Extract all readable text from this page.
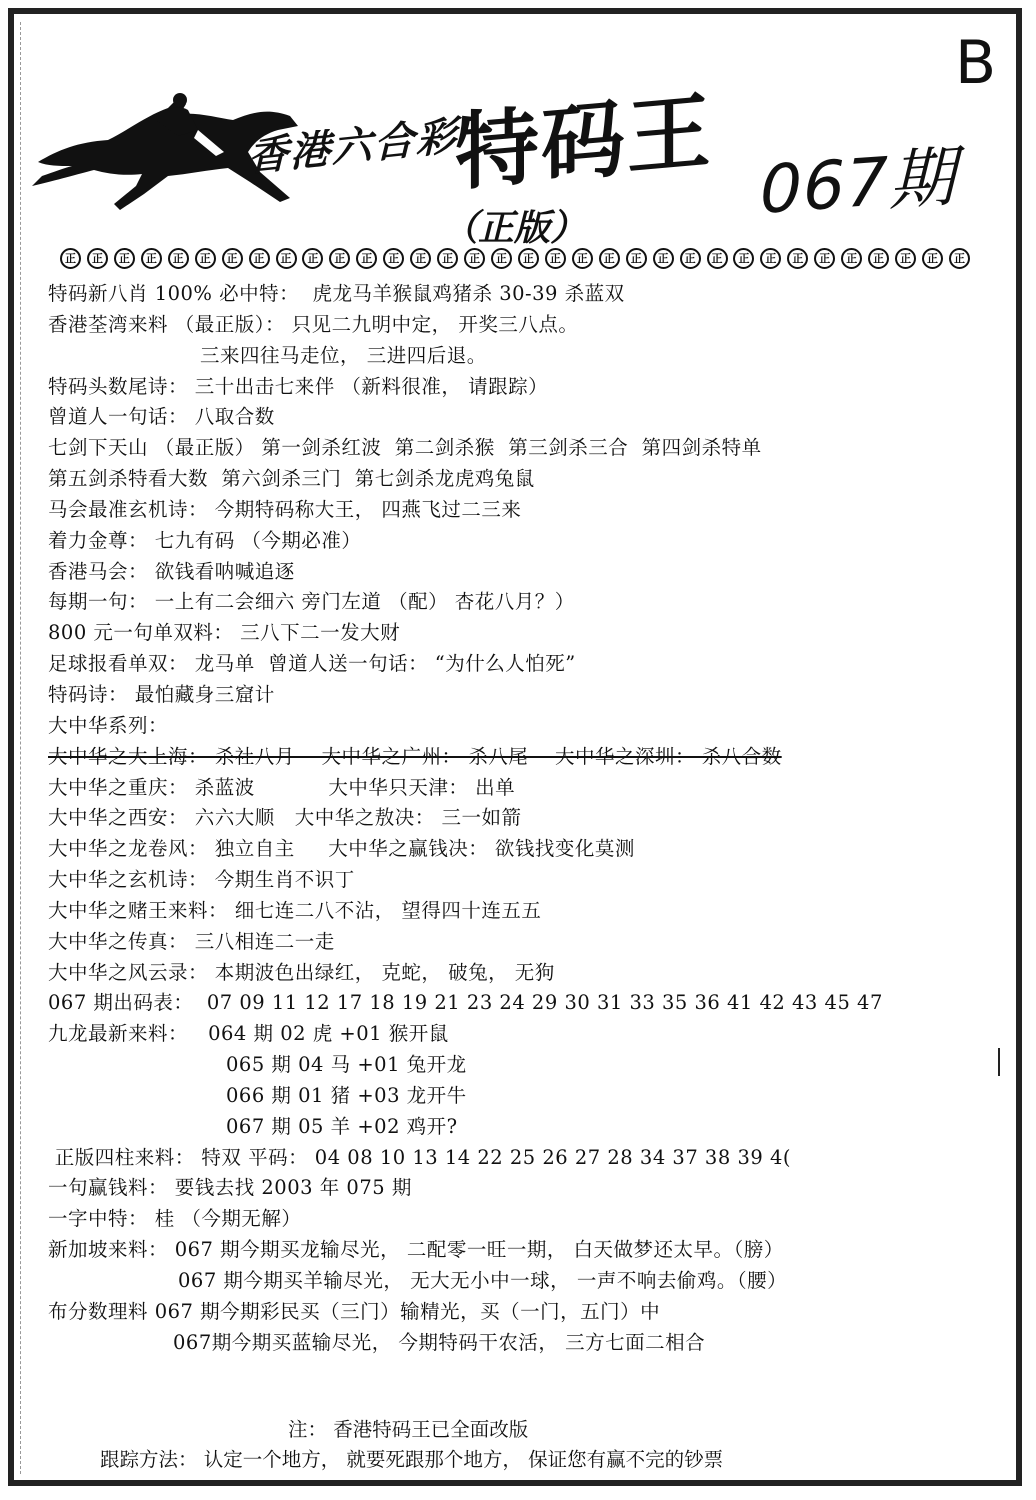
香港六合彩
特码王
B
067期
（正版）
正	正	正	正	正	正	正	正	正	正	正	正	正	正	正	正	正	正	正	正	正	正	正	正	正	正	正	正	正	正	正	正	正	正
特码新八肖 100% 必中特：  虎龙马羊猴鼠鸡猪杀 30-39 杀蓝双
香港荃湾来料 （最正版）： 只见二九明中定， 开奖三八点。
三来四往马走位， 三进四后退。
特码头数尾诗： 三十出击七来伴 （新料很准， 请跟踪）
曾道人一句话： 八取合数
七剑下天山 （最正版） 第一剑杀红波  第二剑杀猴  第三剑杀三合  第四剑杀特单
第五剑杀特看大数  第六剑杀三门  第七剑杀龙虎鸡兔鼠
马会最准玄机诗： 今期特码称大王， 四燕飞过二三来
着力金尊： 七九有码 （今期必准）
香港马会： 欲钱看呐喊追逐
每期一句： 一上有二会细六 旁门左道 （配） 杏花八月？）
800 元一句单双料： 三八下二一发大财
足球报看单双： 龙马单  曾道人送一句话： “为什么人怕死”
特码诗： 最怕藏身三窟计
大中华系列：
大中华之大上海： 杀社八月    大中华之广州： 杀八尾    大中华之深圳： 杀八合数
大中华之重庆： 杀蓝波           大中华只天津： 出单
大中华之西安： 六六大顺   大中华之敖决： 三一如箭
大中华之龙卷风： 独立自主     大中华之赢钱决： 欲钱找变化莫测
大中华之玄机诗： 今期生肖不识丁
大中华之赌王来料： 细七连二八不沾， 望得四十连五五
大中华之传真： 三八相连二一走
大中华之风云录： 本期波色出绿红， 克蛇， 破兔， 无狗
067 期出码表：  07 09 11 12 17 18 19 21 23 24 29 30 31 33 35 36 41 42 43 45 47
九龙最新来料：   064 期 02 虎 +01 猴开鼠
065 期 04 马 +01 兔开龙
066 期 01 猪 +03 龙开牛
067 期 05 羊 +02 鸡开?
正版四柱来料： 特双 平码： 04 08 10 13 14 22 25 26 27 28 34 37 38 39 4(
一句赢钱料： 要钱去找 2003 年 075 期
一字中特： 桂 （今期无解）
新加坡来料： 067 期今期买龙输尽光， 二配零一旺一期， 白天做梦还太早。（膀）
067 期今期买羊输尽光， 无大无小中一球， 一声不响去偷鸡。（腰）
布分数理料 067 期今期彩民买（三门）输精光，买（一门，五门）中
067期今期买蓝输尽光， 今期特码干农活， 三方七面二相合
注： 香港特码王已全面改版
跟踪方法： 认定一个地方， 就要死跟那个地方， 保证您有赢不完的钞票
